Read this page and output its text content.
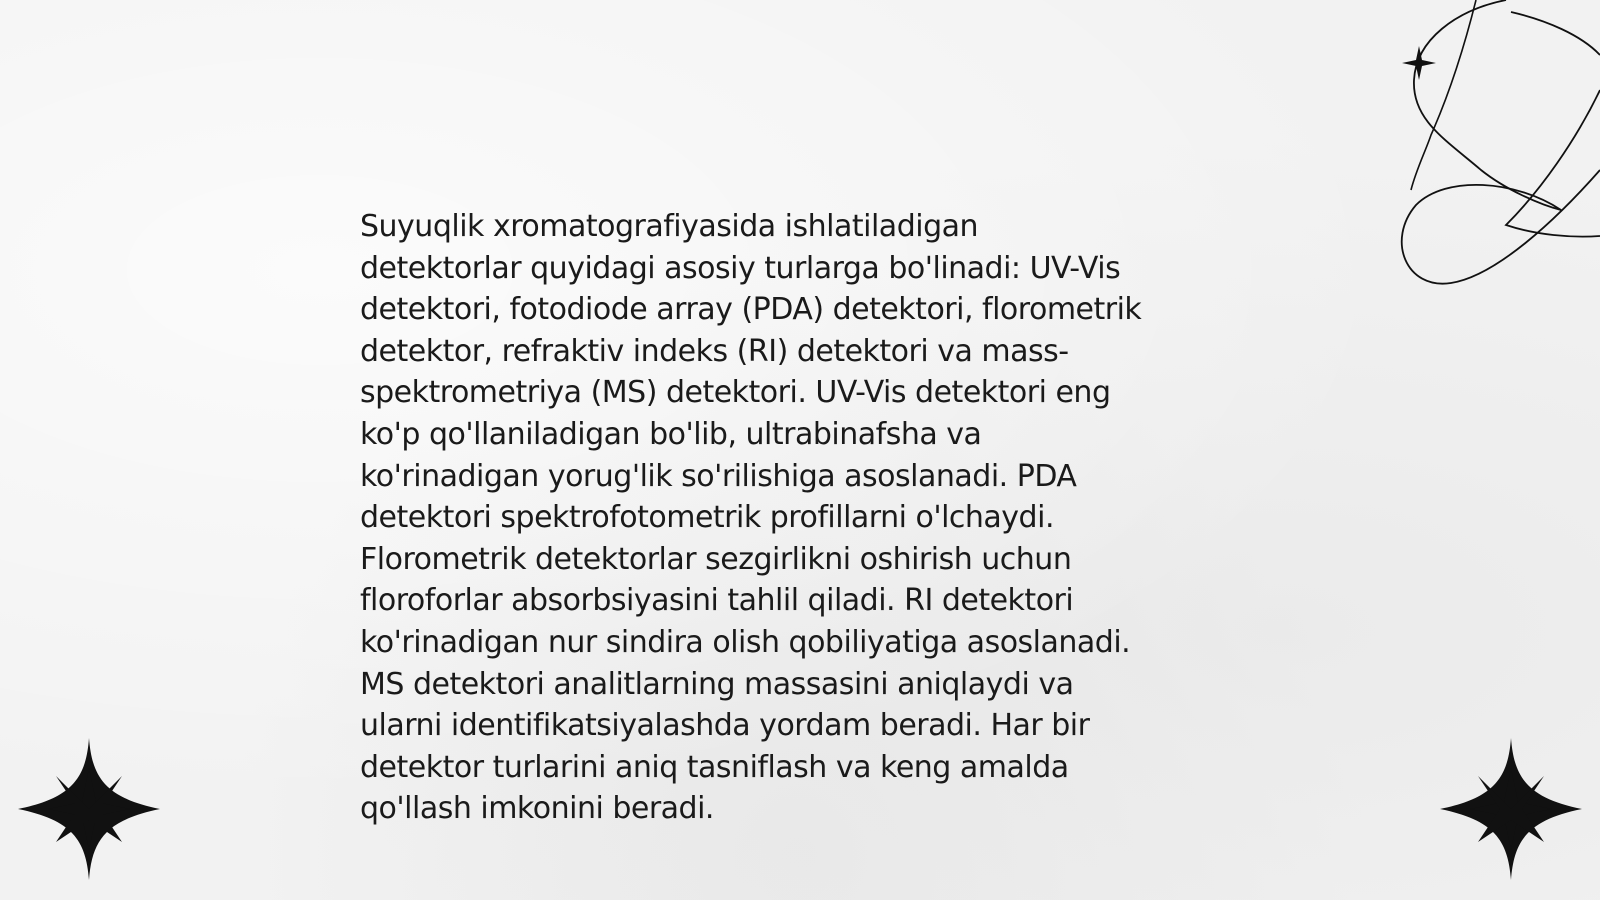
Suyuqlik xromatografiyasida ishlatiladigan
detektorlar quyidagi asosiy turlarga bo'linadi: UV-Vis
detektori, fotodiode array (PDA) detektori, florometrik
detektor, refraktiv indeks (RI) detektori va mass-
spektrometriya (MS) detektori. UV-Vis detektori eng
ko'p qo'llaniladigan bo'lib, ultrabinafsha va
ko'rinadigan yorug'lik so'rilishiga asoslanadi. PDA
detektori spektrofotometrik profillarni o'lchaydi.
Florometrik detektorlar sezgirlikni oshirish uchun
floroforlar absorbsiyasini tahlil qiladi. RI detektori
ko'rinadigan nur sindira olish qobiliyatiga asoslanadi.
MS detektori analitlarning massasini aniqlaydi va
ularni identifikatsiyalashda yordam beradi. Har bir
detektor turlarini aniq tasniflash va keng amalda
qo'llash imkonini beradi.
